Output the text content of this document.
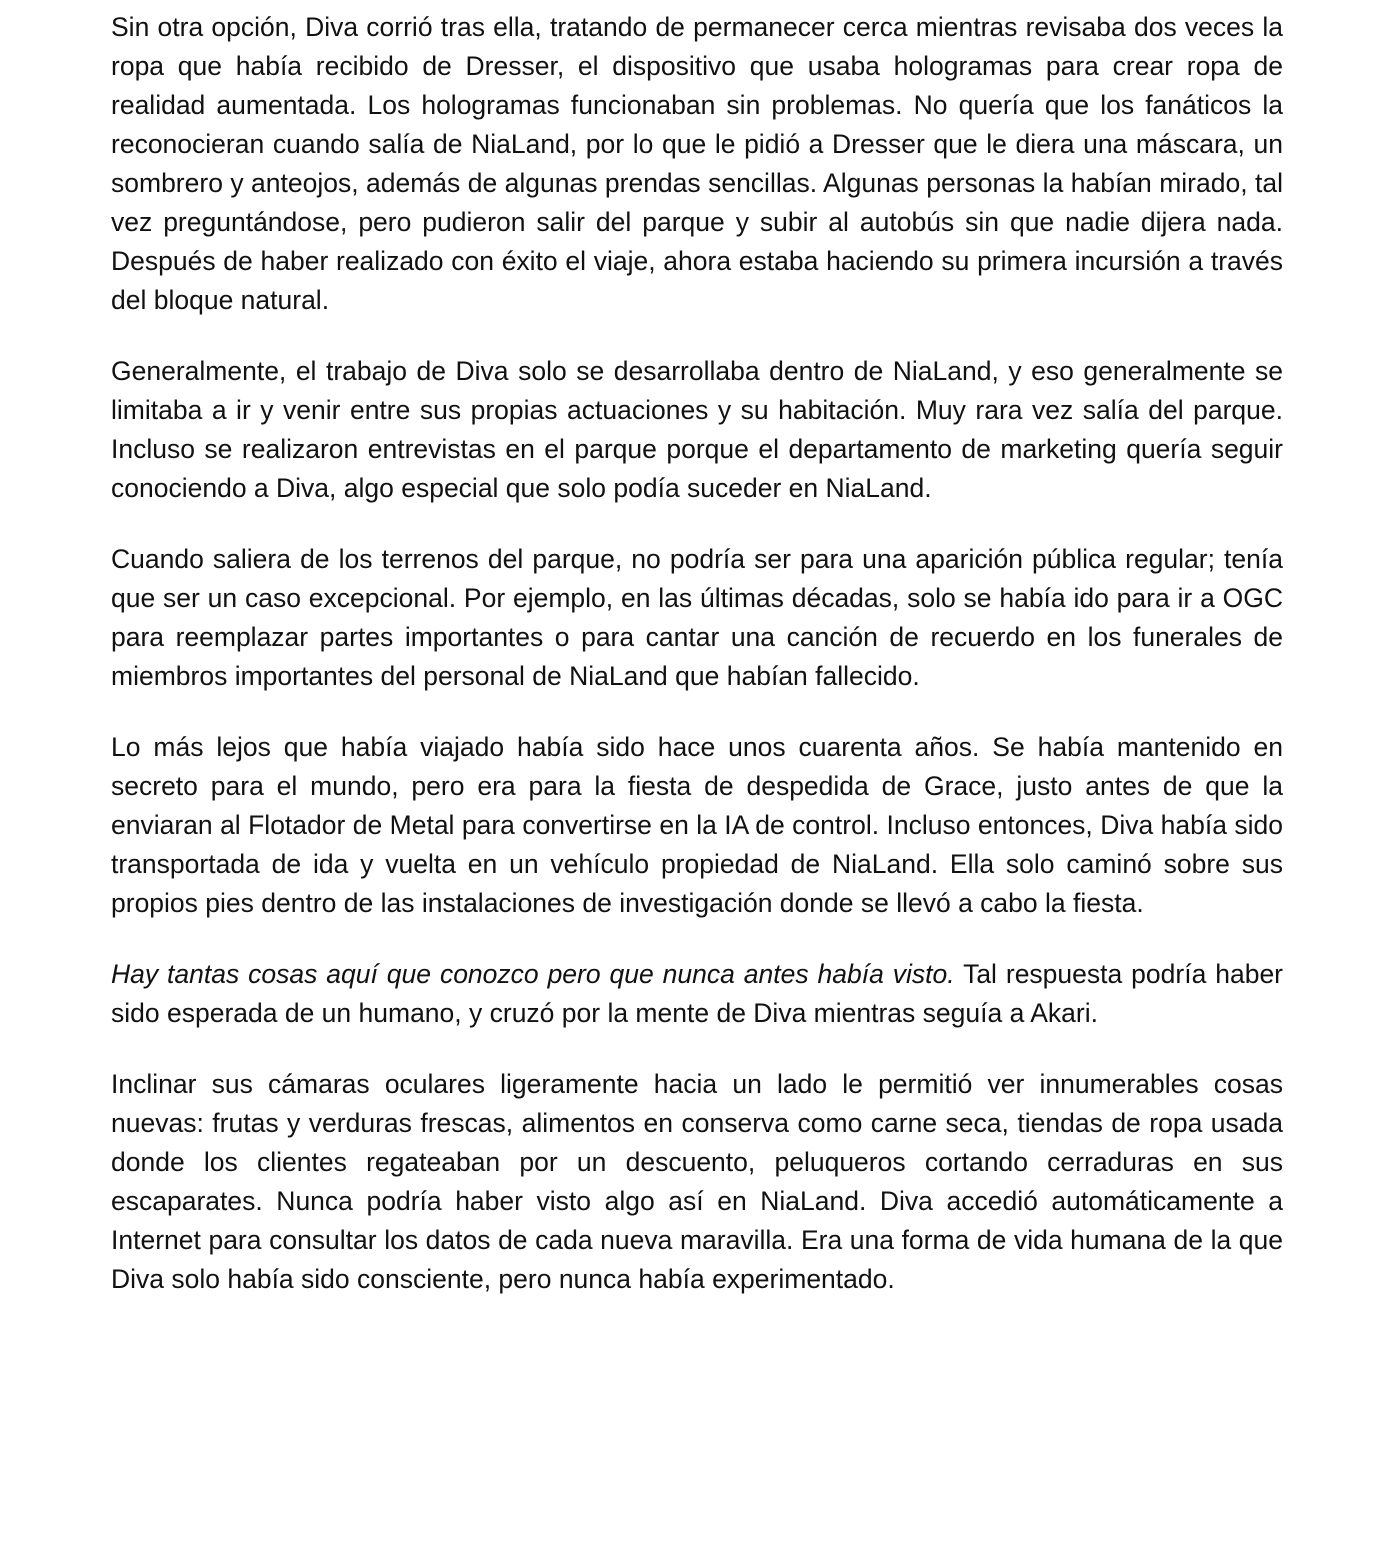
Sin otra opción, Diva corrió tras ella, tratando de permanecer cerca mientras revisaba dos veces la ropa que había recibido de Dresser, el dispositivo que usaba hologramas para crear ropa de realidad aumentada. Los hologramas funcionaban sin problemas. No quería que los fanáticos la reconocieran cuando salía de NiaLand, por lo que le pidió a Dresser que le diera una máscara, un sombrero y anteojos, además de algunas prendas sencillas. Algunas personas la habían mirado, tal vez preguntándose, pero pudieron salir del parque y subir al autobús sin que nadie dijera nada. Después de haber realizado con éxito el viaje, ahora estaba haciendo su primera incursión a través del bloque natural.

Generalmente, el trabajo de Diva solo se desarrollaba dentro de NiaLand, y eso generalmente se limitaba a ir y venir entre sus propias actuaciones y su habitación. Muy rara vez salía del parque. Incluso se realizaron entrevistas en el parque porque el departamento de marketing quería seguir conociendo a Diva, algo especial que solo podía suceder en NiaLand.

Cuando saliera de los terrenos del parque, no podría ser para una aparición pública regular; tenía que ser un caso excepcional. Por ejemplo, en las últimas décadas, solo se había ido para ir a OGC para reemplazar partes importantes o para cantar una canción de recuerdo en los funerales de miembros importantes del personal de NiaLand que habían fallecido.

Lo más lejos que había viajado había sido hace unos cuarenta años. Se había mantenido en secreto para el mundo, pero era para la fiesta de despedida de Grace, justo antes de que la enviaran al Flotador de Metal para convertirse en la IA de control. Incluso entonces, Diva había sido transportada de ida y vuelta en un vehículo propiedad de NiaLand. Ella solo caminó sobre sus propios pies dentro de las instalaciones de investigación donde se llevó a cabo la fiesta.

Hay tantas cosas aquí que conozco pero que nunca antes había visto. Tal respuesta podría haber sido esperada de un humano, y cruzó por la mente de Diva mientras seguía a Akari.

Inclinar sus cámaras oculares ligeramente hacia un lado le permitió ver innumerables cosas nuevas: frutas y verduras frescas, alimentos en conserva como carne seca, tiendas de ropa usada donde los clientes regateaban por un descuento, peluqueros cortando cerraduras en sus escaparates. Nunca podría haber visto algo así en NiaLand. Diva accedió automáticamente a Internet para consultar los datos de cada nueva maravilla. Era una forma de vida humana de la que Diva solo había sido consciente, pero nunca había experimentado.
